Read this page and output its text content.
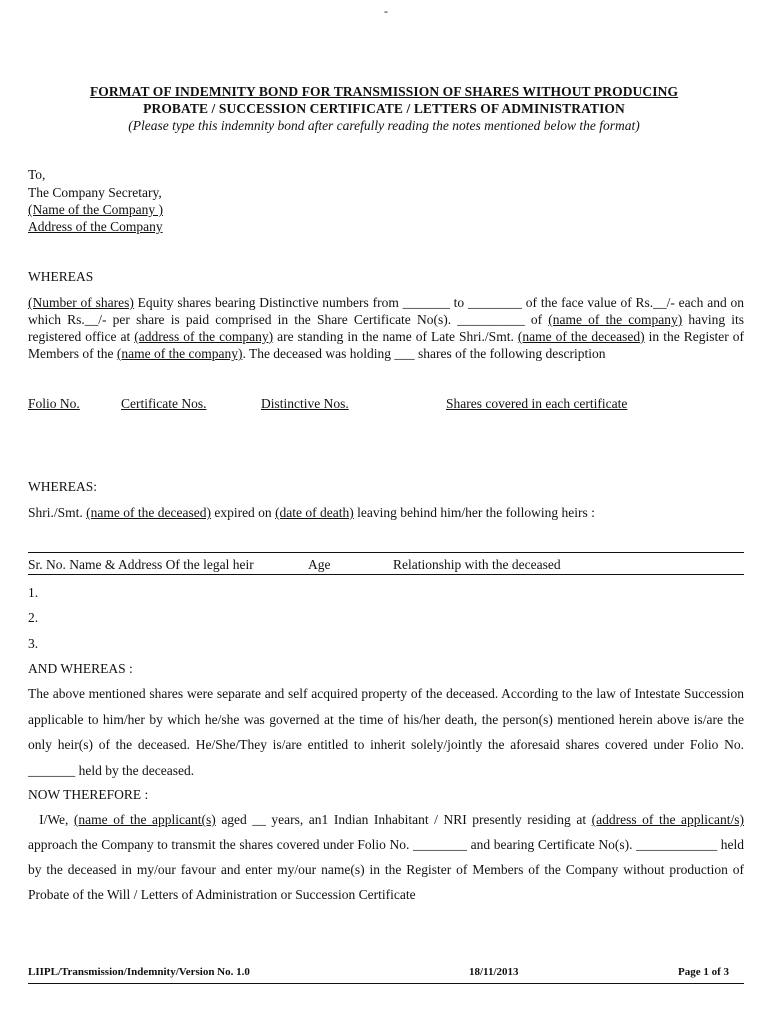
-
FORMAT OF INDEMNITY BOND FOR TRANSMISSION OF SHARES WITHOUT PRODUCING
PROBATE / SUCCESSION CERTIFICATE / LETTERS OF ADMINISTRATION
(Please type this indemnity bond after carefully reading the notes mentioned below the format)
To,
The Company Secretary,
(Name of the Company )
Address of the Company
WHEREAS
(Number of shares) Equity shares bearing Distinctive numbers from _______ to ________ of the face value of Rs.__/- each and on which Rs.__/- per share is paid comprised in the Share Certificate No(s). __________ of (name of the company) having its registered office at (address of the company) are standing in the name of Late Shri./Smt. (name of the deceased) in the Register of Members of the (name of the company). The deceased was holding ___ shares of the following description
Folio No.	Certificate Nos.	Distinctive Nos.	Shares covered in each certificate
WHEREAS:
Shri./Smt. (name of the deceased) expired on (date of death) leaving behind him/her the following heirs :
Sr. No. Name & Address Of the legal heir	Age	Relationship with the deceased
1.
2.
3.
AND WHEREAS :
The above mentioned shares were separate and self acquired property of the deceased. According to the law of Intestate Succession applicable to him/her by which he/she was governed at the time of his/her death, the person(s) mentioned herein above is/are the only heir(s) of the deceased. He/She/They is/are entitled to inherit solely/jointly the aforesaid shares covered under Folio No. _______ held by the deceased.
NOW THEREFORE :
I/We, (name of the applicant(s) aged __ years, an1 Indian Inhabitant / NRI presently residing at (address of the applicant/s) approach the Company to transmit the shares covered under Folio No. ________ and bearing Certificate No(s). ____________ held by the deceased in my/our favour and enter my/our name(s) in the Register of Members of the Company without production of Probate of the Will / Letters of Administration or Succession Certificate
LIIPL/Transmission/Indemnity/Version No. 1.0	18/11/2013	Page 1 of 3
